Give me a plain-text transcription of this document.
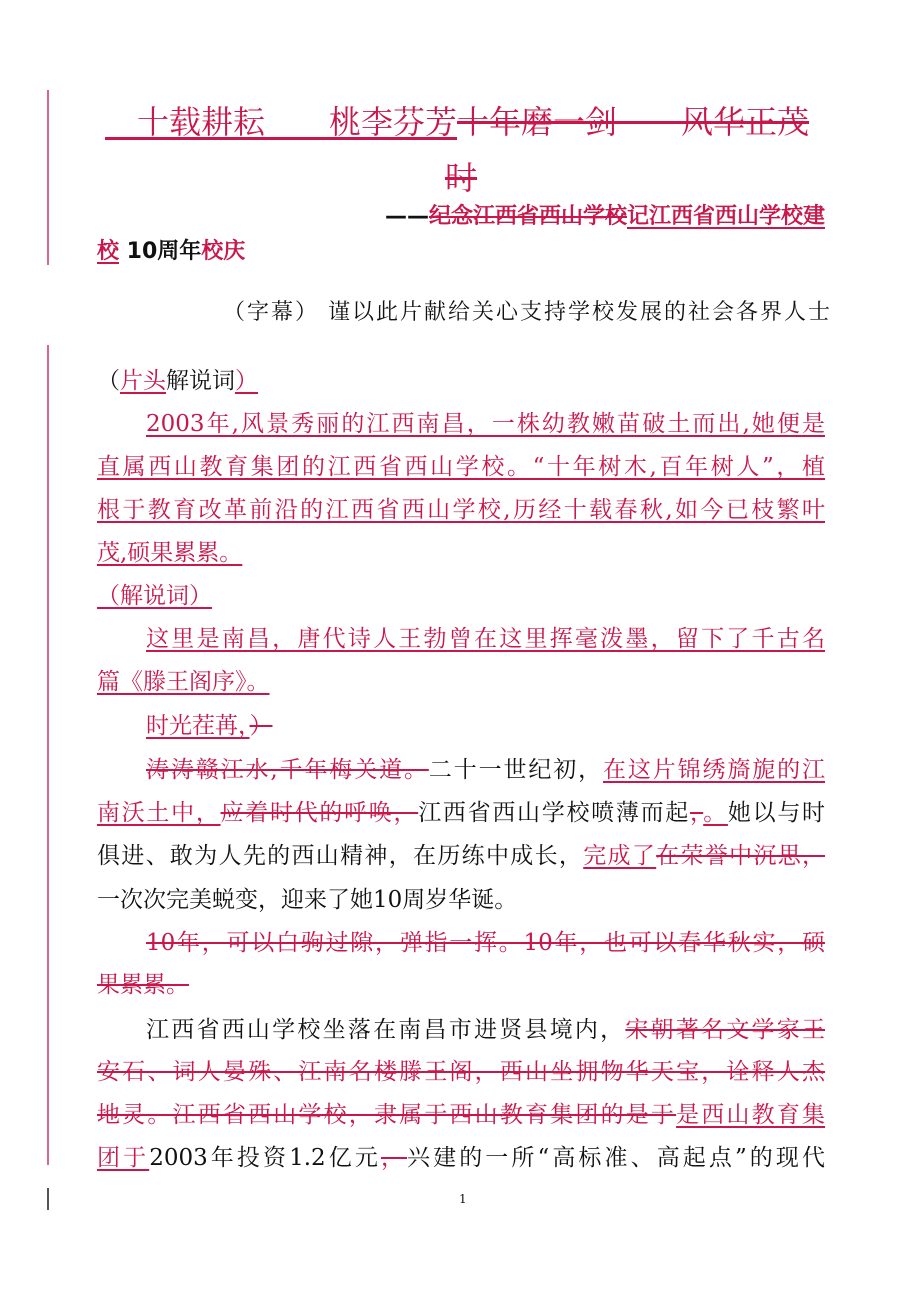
　十载耕耘　　桃李芬芳十年磨一剑　　风华正茂
时
——纪念江西省西山学校记江西省西山学校建
校 10周年校庆
（字幕） 谨以此片献给关心支持学校发展的社会各界人士
（片头解说词）
2003年,风景秀丽的江西南昌，一株幼教嫩苗破土而出,她便是
直属西山教育集团的江西省西山学校。“十年树木,百年树人”，植
根于教育改革前沿的江西省西山学校,历经十载春秋,如今已枝繁叶
茂,硕果累累。
（解说词）
这里是南昌，唐代诗人王勃曾在这里挥毫泼墨，留下了千古名
篇《滕王阁序》。
时光茬苒，）
涛涛赣江水,千年梅关道。二十一世纪初，在这片锦绣旖旎的江
南沃土中，应着时代的呼唤，江西省西山学校喷薄而起，。她以与时
俱进、敢为人先的西山精神，在历练中成长，完成了在荣誉中沉思，
一次次完美蜕变，迎来了她10周岁华诞。
10年，可以白驹过隙，弹指一挥。10年，也可以春华秋实，硕
果累累。
江西省西山学校坐落在南昌市进贤县境内，宋朝著名文学家王
安石、词人晏殊、江南名楼滕王阁，西山坐拥物华天宝，诠释人杰
地灵。江西省西山学校，隶属于西山教育集团的是于是西山教育集
团于2003年投资1.2亿元，兴建的一所“高标准、高起点”的现代
1
